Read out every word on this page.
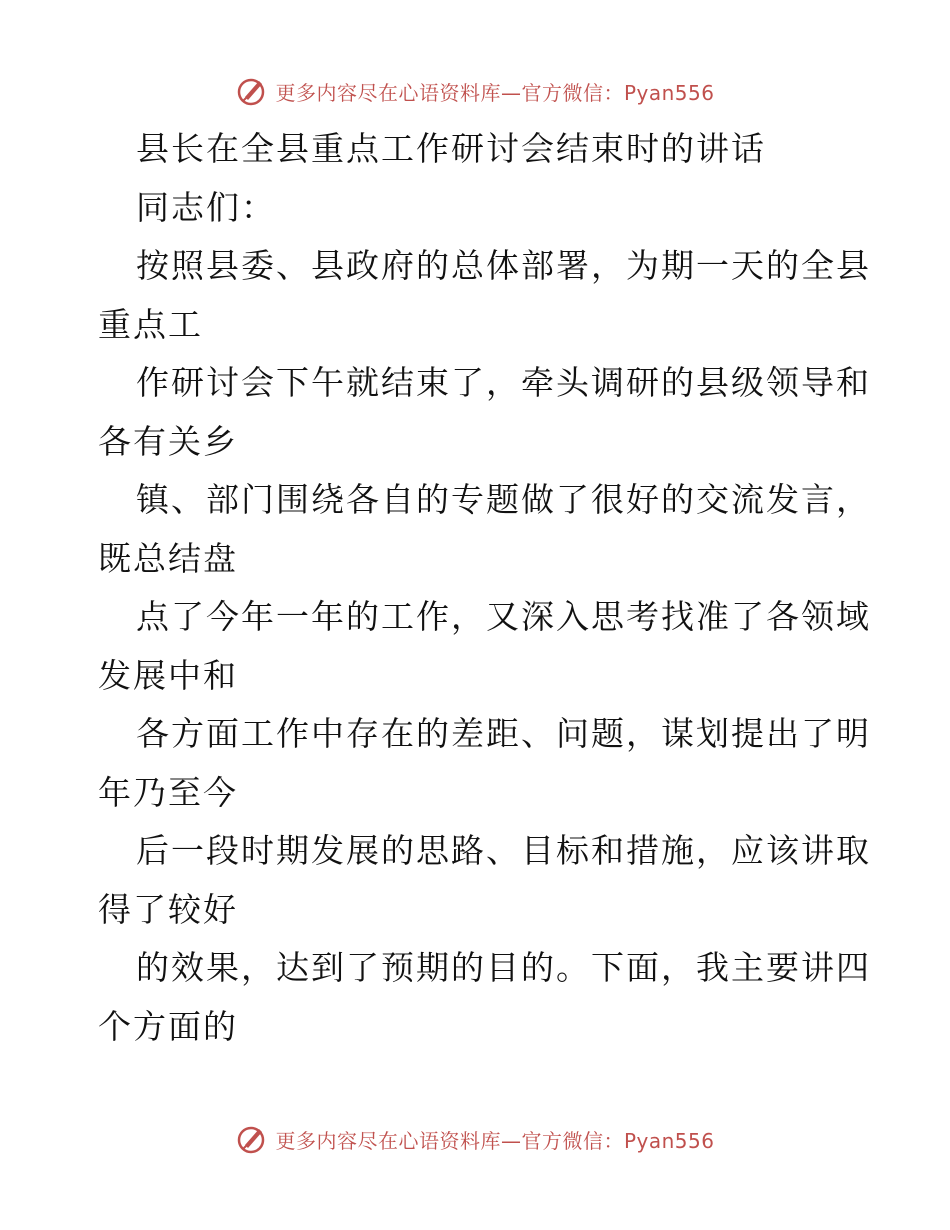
更多内容尽在心语资料库—官方微信：Pyan556
县长在全县重点工作研讨会结束时的讲话
同志们：
按照县委、县政府的总体部署，为期一天的全县
重点工
作研讨会下午就结束了，牵头调研的县级领导和
各有关乡
镇、部门围绕各自的专题做了很好的交流发言，
既总结盘
点了今年一年的工作，又深入思考找准了各领域
发展中和
各方面工作中存在的差距、问题，谋划提出了明
年乃至今
后一段时期发展的思路、目标和措施，应该讲取
得了较好
的效果，达到了预期的目的。下面，我主要讲四
个方面的
更多内容尽在心语资料库—官方微信：Pyan556
